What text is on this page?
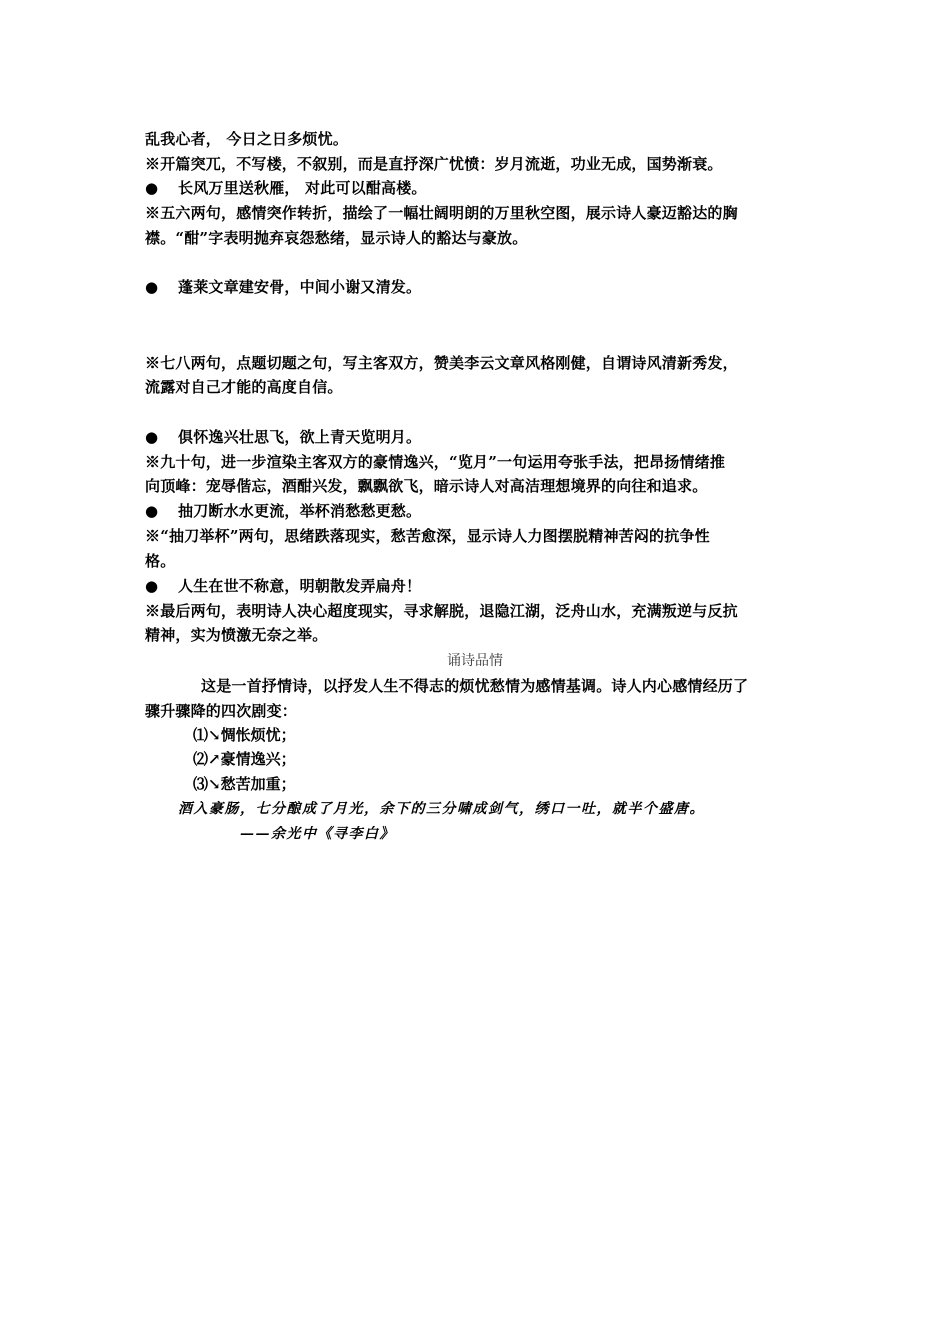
乱我心者， 今日之日多烦忧。
※开篇突兀，不写楼，不叙别，而是直抒深广忧愤：岁月流逝，功业无成，国势渐衰。
● 长风万里送秋雁， 对此可以酣高楼。
※五六两句，感情突作转折，描绘了一幅壮阔明朗的万里秋空图，展示诗人豪迈豁达的胸
襟。“酣”字表明抛弃哀怨愁绪，显示诗人的豁达与豪放。
● 蓬莱文章建安骨，中间小谢又清发。
※七八两句，点题切题之句，写主客双方，赞美李云文章风格刚健，自谓诗风清新秀发，
流露对自己才能的高度自信。
● 俱怀逸兴壮思飞，欲上青天览明月。
※九十句，进一步渲染主客双方的豪情逸兴，“览月”一句运用夸张手法，把昂扬情绪推
向顶峰：宠辱偕忘，酒酣兴发，飘飘欲飞，暗示诗人对高洁理想境界的向往和追求。
● 抽刀断水水更流，举杯消愁愁更愁。
※“抽刀举杯”两句，思绪跌落现实，愁苦愈深，显示诗人力图摆脱精神苦闷的抗争性
格。
● 人生在世不称意，明朝散发弄扁舟！
※最后两句，表明诗人决心超度现实，寻求解脱，退隐江湖，泛舟山水，充满叛逆与反抗
精神，实为愤激无奈之举。
诵诗品情
这是一首抒情诗，以抒发人生不得志的烦忧愁情为感情基调。诗人内心感情经历了
骤升骤降的四次剧变：
⑴↘惆怅烦忧；
⑵↗豪情逸兴；
⑶↘愁苦加重；
酒入豪肠，七分酿成了月光，余下的三分啸成剑气，绣口一吐，就半个盛唐。
——余光中《寻李白》
